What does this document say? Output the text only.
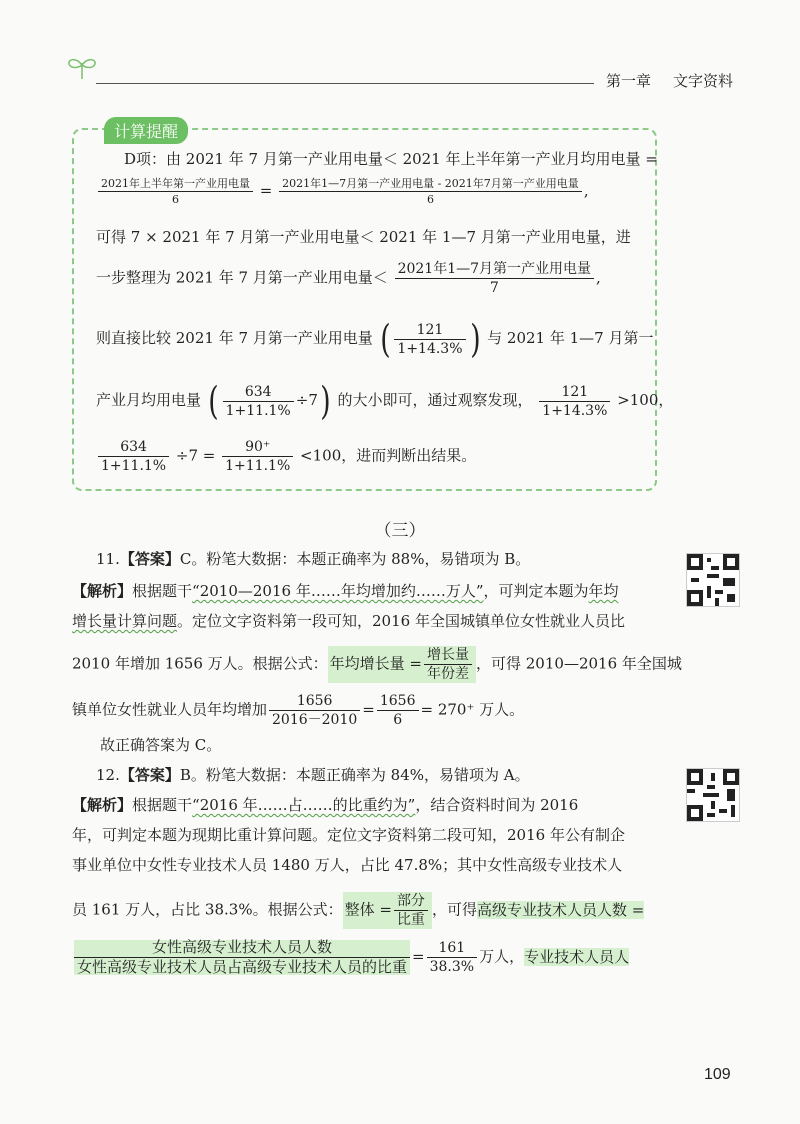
第一章 文字资料
计算提醒
D项：由 2021 年 7 月第一产业用电量＜ 2021 年上半年第一产业月均用电量 =
$\frac{\text{2021年上半年第一产业用电量}}{6} = \frac{\text{2021年1—7月第一产业用电量 - 2021年7月第一产业用电量}}{6}$ ,
可得 7 × 2021 年 7 月第一产业用电量＜ 2021 年 1—7 月第一产业用电量，进
一步整理为 2021 年 7 月第一产业用电量＜ $\frac{\text{2021年1—7月第一产业用电量}}{7}$ ,
则直接比较 2021 年 7 月第一产业用电量 ( $\frac{121}{1+14.3\%}$ ) 与 2021 年 1—7 月第一
产业月均用电量 ( $\frac{634}{1+11.1\%} \div 7$) 的大小即可，通过观察发现， $\frac{121}{1+14.3\%} >100$，
$\frac{634}{1+11.1\%} \div 7 = \frac{90^+}{1+11.1\%} <100$，进而判断出结果。
（三）
11.【答案】C。粉笔大数据：本题正确率为 88%，易错项为 B。
【解析】根据题干“2010—2016 年……年均增加约……万人”，可判定本题为年均
增长量计算问题。定位文字资料第一段可知，2016 年全国城镇单位女性就业人员比
2010 年增加 1656 万人。根据公式： 年均增长量 = $\frac{\text{增长量}}{\text{年份差}}$ ，可得 2010—2016 年全国城
镇单位女性就业人员年均增加 $\frac{1656}{2016-2010} = \frac{1656}{6} = 270^+$ 万人。
故正确答案为 C。
12.【答案】B。粉笔大数据：本题正确率为 84%，易错项为 A。
【解析】根据题干“2016 年……占……的比重约为”，结合资料时间为 2016
年，可判定本题为现期比重计算问题。定位文字资料第二段可知，2016 年公有制企
事业单位中女性专业技术人员 1480 万人，占比 47.8%；其中女性高级专业技术人
员 161 万人，占比 38.3%。根据公式： 整体 = $\frac{\text{部分}}{\text{比重}}$ ，可得高级专业技术人员人数 =
$\frac{\text{女性高级专业技术人员人数}}{\text{女性高级专业技术人员占高级专业技术人员的比重}} = \frac{161}{38.3\%}$ 万人，专业技术人员人
109
